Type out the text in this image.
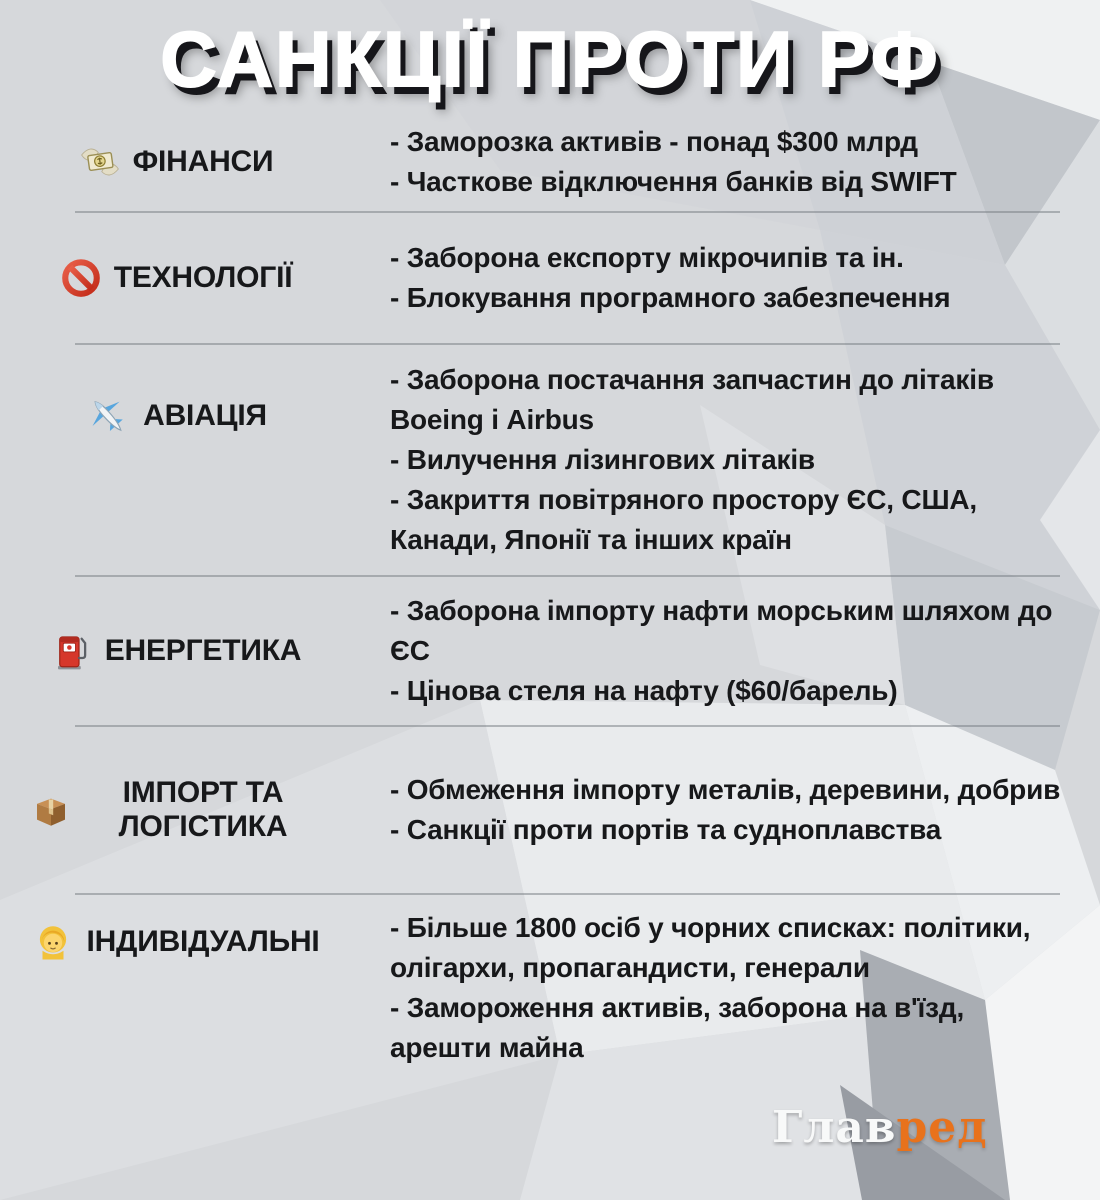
САНКЦІЇ ПРОТИ РФ
ФІНАНСИ
- Заморозка активів - понад $300 млрд
- Часткове відключення банків від SWIFT
ТЕХНОЛОГІЇ
- Заборона експорту мікрочипів та ін.
- Блокування програмного забезпечення
АВІАЦІЯ
- Заборона постачання запчастин до літаків Boeing і Airbus
- Вилучення лізингових літаків
- Закриття повітряного простору ЄС, США, Канади, Японії та інших країн
ЕНЕРГЕТИКА
- Заборона імпорту нафти морським шляхом до ЄС
- Цінова стеля на нафту ($60/барель)
ІМПОРТ ТА ЛОГІСТИКА
- Обмеження імпорту металів, деревини, добрив
- Санкції проти портів та судноплавства
ІНДИВІДУАЛЬНІ	- Більше 1800 осіб у чорних списках: політики, олігархи, пропагандисти, генерали
- Замороження активів, заборона на в'їзд, арешти майна
Главред
